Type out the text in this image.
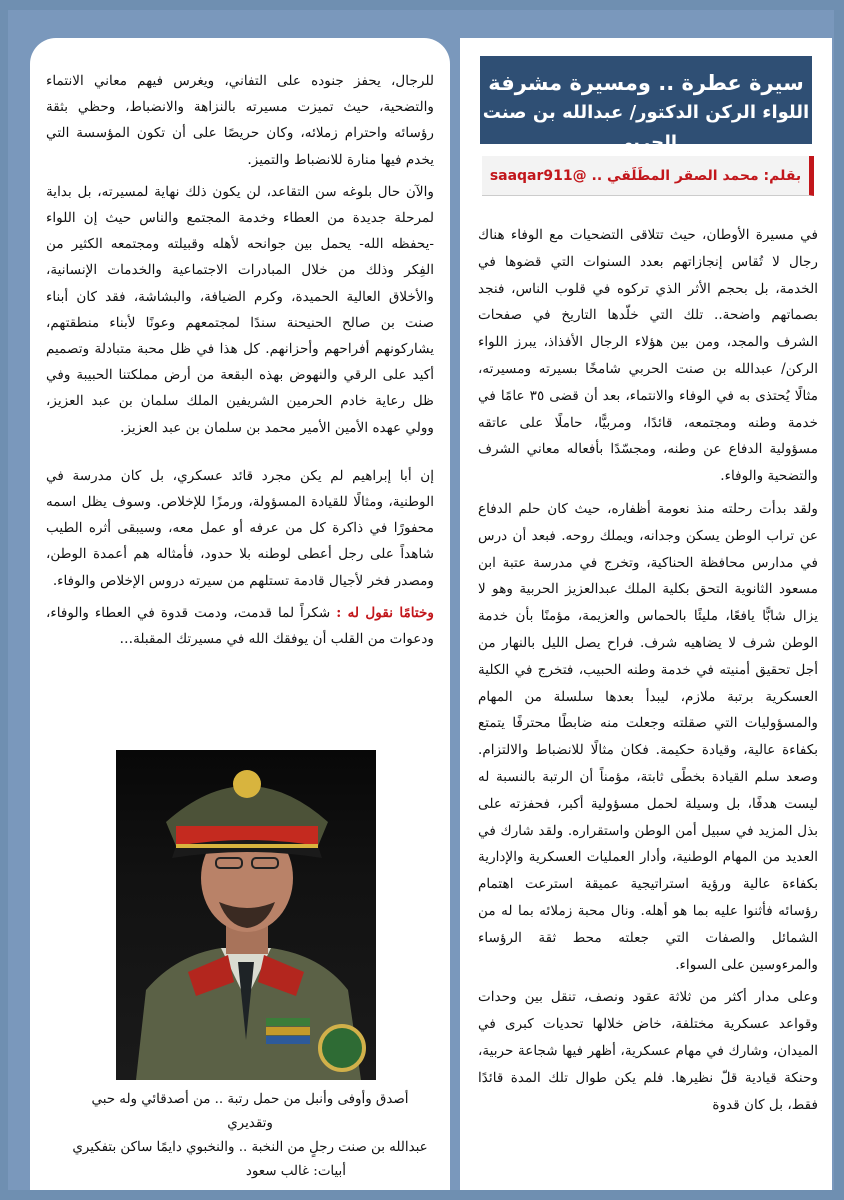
للرجال، يحفز جنوده على التفاني، ويغرس فيهم معاني الانتماء والتضحية، حيث تميزت مسيرته بالنزاهة والانضباط، وحظي بثقة رؤسائه واحترام زملائه، وكان حريصًا على أن تكون المؤسسة التي يخدم فيها منارة للانضباط والتميز.

والآن حال بلوغه سن التقاعد، لن يكون ذلك نهاية لمسيرته، بل بداية لمرحلة جديدة من العطاء وخدمة المجتمع والناس حيث إن اللواء -يحفظه الله- يحمل بين جوانحه لأهله وقبيلته ومجتمعه الكثير من الفِكر وذلك من خلال المبادرات الاجتماعية والخدمات الإنسانية، والأخلاق العالية الحميدة، وكرم الضيافة، والبشاشة، فقد كان أبناء صنت بن صالح الحنيحنة سندًا لمجتمعهم وعونًا لأبناء منطقتهم، يشاركونهم أفراحهم وأحزانهم. كل هذا في ظل محبة متبادلة وتصميم أكيد على الرقي والنهوض بهذه البقعة من أرض مملكتنا الحبيبة وفي ظل رعاية خادم الحرمين الشريفين الملك سلمان بن عبد العزيز، وولي عهده الأمين الأمير محمد بن سلمان بن عبد العزيز.

إن أبا إبراهيم لم يكن مجرد قائد عسكري، بل كان مدرسة في الوطنية، ومثالًا للقيادة المسؤولة، ورمزًا للإخلاص. وسوف يظل اسمه محفورًا في ذاكرة كل من عرفه أو عمل معه، وسيبقى أثره الطيب شاهداً على رجل أعطى لوطنه بلا حدود، فأمثاله هم أعمدة الوطن، ومصدر فخر لأجيال قادمة تستلهم من سيرته دروس الإخلاص والوفاء.

وختامًا نقول له : شكراً لما قدمت، ودمت قدوة في العطاء والوفاء، ودعوات من القلب أن يوفقك الله في مسيرتك المقبلة…

أصدق وأوفى وأنبل من حمل رتبة .. من أصدقائي وله حبي وتقديري
عبدالله بن صنت رجلٍ من النخبة .. والنخبوي دايمًا ساكن بتفكيري
أبيات: غالب سعود
سيرة عطرة .. ومسيرة مشرفة
اللواء الركن الدكتور/ عبدالله بن صنت الحربي
بقلم: محمد الصقر المطَلَقي .. @saaqar911

في مسيرة الأوطان، حيث تتلاقى التضحيات مع الوفاء هناك رجال لا تُقاس إنجازاتهم بعدد السنوات التي قضوها في الخدمة، بل بحجم الأثر الذي تركوه في قلوب الناس، فنجد بصماتهم واضحة.. تلك التي خلّدها التاريخ في صفحات الشرف والمجد، ومن بين هؤلاء الرجال الأفذاذ، يبرز اللواء الركن/ عبدالله بن صنت الحربي شامخًا بسيرته ومسيرته، مثالًا يُحتذى به في الوفاء والانتماء، بعد أن قضى ٣٥ عامًا في خدمة وطنه ومجتمعه، قائدًا، ومربيًّا، حاملًا على عاتقه مسؤولية الدفاع عن وطنه، ومجسّدًا بأفعاله معاني الشرف والتضحية والوفاء.

ولقد بدأت رحلته منذ نعومة أظفاره، حيث كان حلم الدفاع عن تراب الوطن يسكن وجدانه، ويملك روحه. فبعد أن درس في مدارس محافظة الحناكية، وتخرج في مدرسة عتبة ابن مسعود الثانوية التحق بكلية الملك عبدالعزيز الحربية وهو لا يزال شابًّا يافعًا، مليئًا بالحماس والعزيمة، مؤمنًا بأن خدمة الوطن شرف لا يضاهيه شرف. فراح يصل الليل بالنهار من أجل تحقيق أمنيته في خدمة وطنه الحبيب، فتخرج في الكلية العسكرية برتبة ملازم، ليبدأ بعدها سلسلة من المهام والمسؤوليات التي صقلته وجعلت منه ضابطًا محترفًا يتمتع بكفاءة عالية، وقيادة حكيمة. فكان مثالًا للانضباط والالتزام. وصعد سلم القيادة بخطًى ثابتة، مؤمناً أن الرتبة بالنسبة له ليست هدفًا، بل وسيلة لحمل مسؤولية أكبر، فحفزته على بذل المزيد في سبيل أمن الوطن واستقراره. ولقد شارك في العديد من المهام الوطنية، وأدار العمليات العسكرية والإدارية بكفاءة عالية ورؤية استراتيجية عميقة استرعت اهتمام رؤسائه فأثنوا عليه بما هو أهله. ونال محبة زملائه بما له من الشمائل والصفات التي جعلته محط ثقة الرؤساء والمرءوسين على السواء.

وعلى مدار أكثر من ثلاثة عقود ونصف، تنقل بين وحدات وقواعد عسكرية مختلفة، خاض خلالها تحديات كبرى في الميدان، وشارك في مهام عسكرية، أظهر فيها شجاعة حربية، وحنكة قيادية قلّ نظيرها. فلم يكن طوال تلك المدة قائدًا فقط، بل كان قدوة
